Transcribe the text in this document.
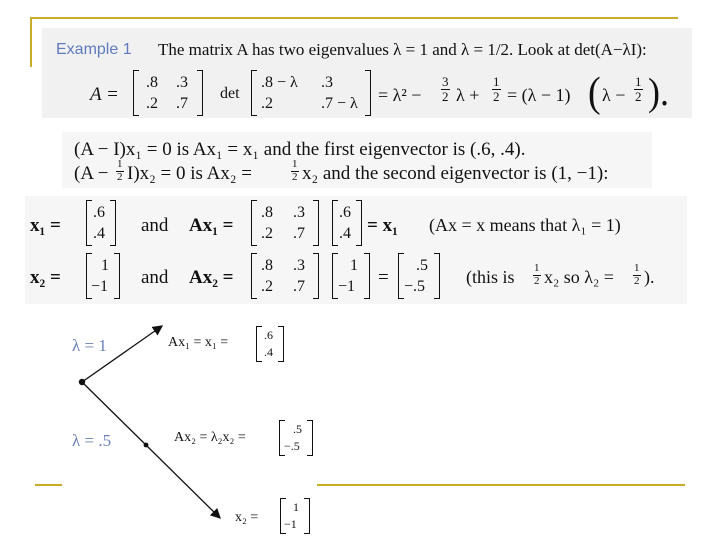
Example 1 The matrix A has two eigenvalues λ = 1 and λ = 1/2. Look at det(A−λI):
A =
.8 .3
.2 .7
det
.8 − λ .3
.2	$.7 - \lambda = \lambda^2 - \frac{3}{2}$ $\lambda + \frac{1}{2} = (\lambda - 1)$ ( $\lambda - \frac{1}{2}$ ).
(A − I)x₁ = 0 is Ax₁ = x₁ and the first eigenvector is (.6, .4).
$(A - \frac{1}{2} I)x_2 = 0$ is Ax₂ =	$\frac{1}{2} x_2$ and the second eigenvector is (1, −1):
x₁ =
.6
.4 and Ax₁ =
.8 .3
.2 .7
.6
.4 = x₁ (Ax = x means that λ₁ = 1)
x₂ =
1
−1 and Ax₂ =
.8 .3
.2 .7
1
−1 =
.5
−.5 (this is $\frac{1}{2} x_2$ so $\lambda_2 = \frac{1}{2}$ ).
λ = 1
λ = .5
Ax₁ = x₁ =	.6
.4
Ax₂ = λ₂x₂ =
.5
−.5
x₂ =
1
−1
